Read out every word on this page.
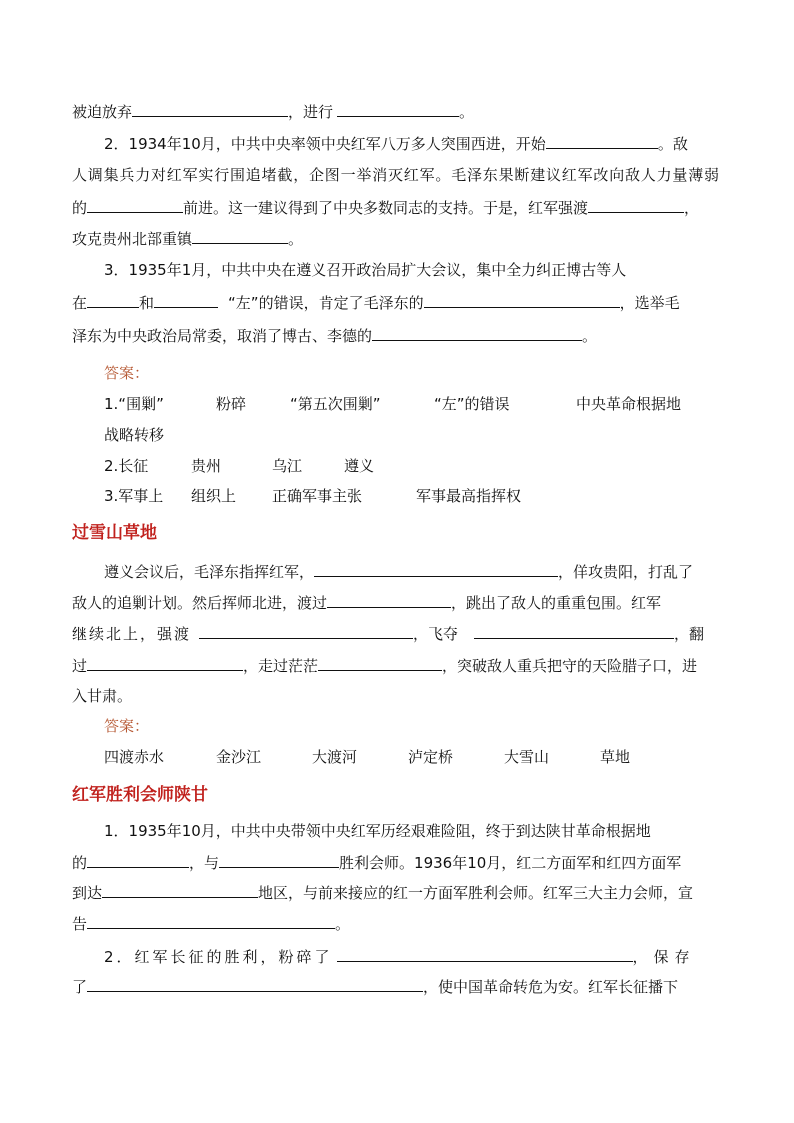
被迫放弃	，进行	。
2．1934年10月，中共中央率领中央红军八万多人突围西进，开始	。敌
人调集兵力对红军实行围追堵截，企图一举消灭红军。毛泽东果断建议红军改向敌人力量薄弱
的	前进。这一建议得到了中央多数同志的支持。于是，红军强渡	，
攻克贵州北部重镇	。
3．1935年1月，中共中央在遵义召开政治局扩大会议，集中全力纠正博古等人
在	和	“左”的错误，肯定了毛泽东的	，选举毛
泽东为中央政治局常委，取消了博古、李德的	。
答案：
1.“围剿”	粉碎	“第五次围剿”	“左”的错误	中央革命根据地
战略转移
2.长征	贵州	乌江	遵义
3.军事上 组织上 正确军事主张	军事最高指挥权
过雪山草地
遵义会议后，毛泽东指挥红军，	，佯攻贵阳，打乱了
敌人的追剿计划。然后挥师北进，渡过	，跳出了敌人的重重包围。红军
继续北上，强渡	，飞夺	，翻
过	，走过茫茫	，突破敌人重兵把守的天险腊子口，进
入甘肃。
答案：
四渡赤水	金沙江	大渡河	泸定桥	大雪山	草地
红军胜利会师陕甘
1．1935年10月，中共中央带领中央红军历经艰难险阻，终于到达陕甘革命根据地
的	，与	胜利会师。1936年10月，红二方面军和红四方面军
到达	地区，与前来接应的红一方面军胜利会师。红军三大主力会师，宣
告	。
2．红军长征的胜利，粉碎了	，保存
了	，使中国革命转危为安。红军长征播下
